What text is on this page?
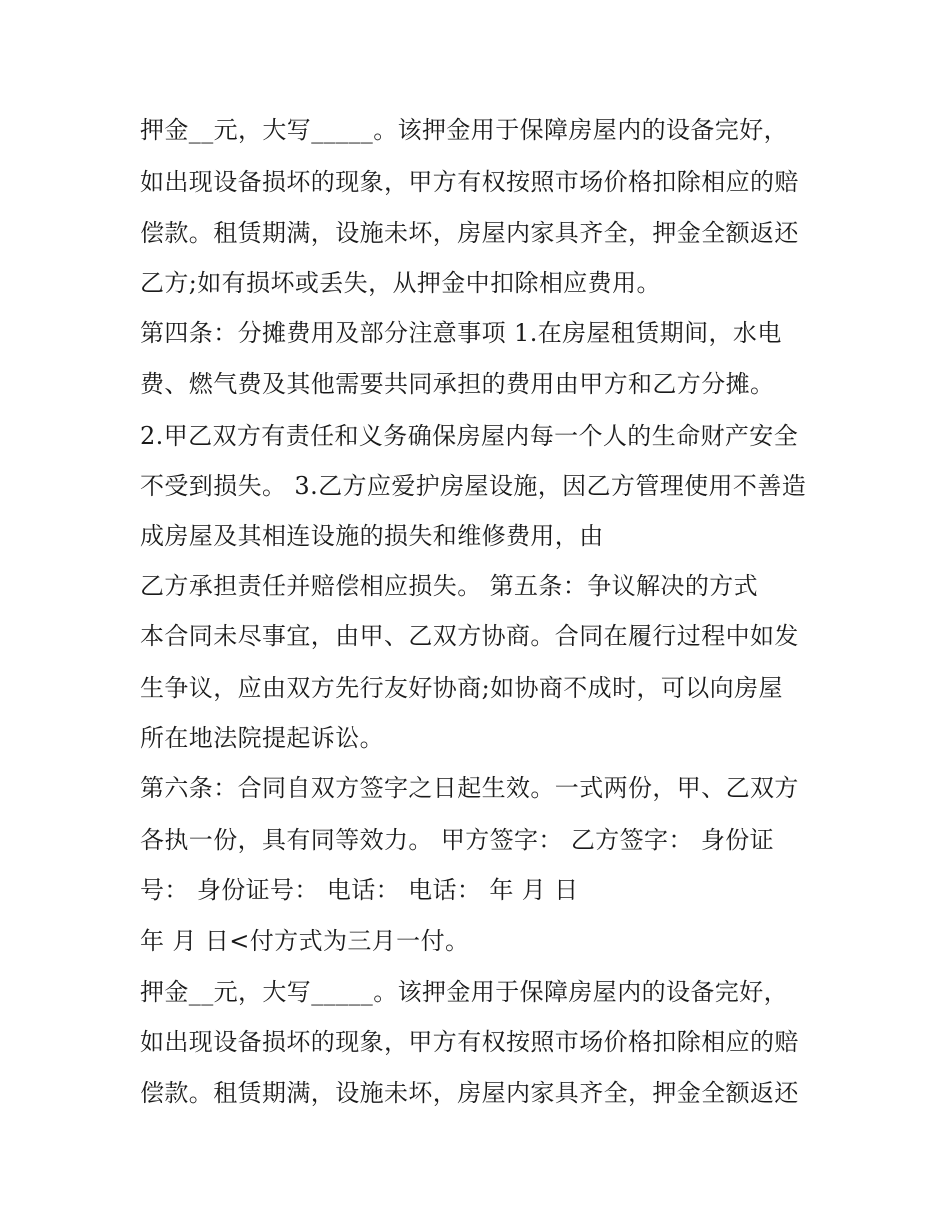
押金__元，大写_____。该押金用于保障房屋内的设备完好，
如出现设备损坏的现象，甲方有权按照市场价格扣除相应的赔
偿款。租赁期满，设施未坏，房屋内家具齐全，押金全额返还
乙方;如有损坏或丢失，从押金中扣除相应费用。
第四条：分摊费用及部分注意事项 1.在房屋租赁期间，水电
费、燃气费及其他需要共同承担的费用由甲方和乙方分摊。
2.甲乙双方有责任和义务确保房屋内每一个人的生命财产安全
不受到损失。 3.乙方应爱护房屋设施，因乙方管理使用不善造
成房屋及其相连设施的损失和维修费用，由
乙方承担责任并赔偿相应损失。 第五条：争议解决的方式
本合同未尽事宜，由甲、乙双方协商。合同在履行过程中如发
生争议，应由双方先行友好协商;如协商不成时，可以向房屋
所在地法院提起诉讼。
第六条：合同自双方签字之日起生效。一式两份，甲、乙双方
各执一份，具有同等效力。 甲方签字： 乙方签字： 身份证
号： 身份证号： 电话： 电话： 年 月 日
年 月 日<付方式为三月一付。
押金__元，大写_____。该押金用于保障房屋内的设备完好，
如出现设备损坏的现象，甲方有权按照市场价格扣除相应的赔
偿款。租赁期满，设施未坏，房屋内家具齐全，押金全额返还
